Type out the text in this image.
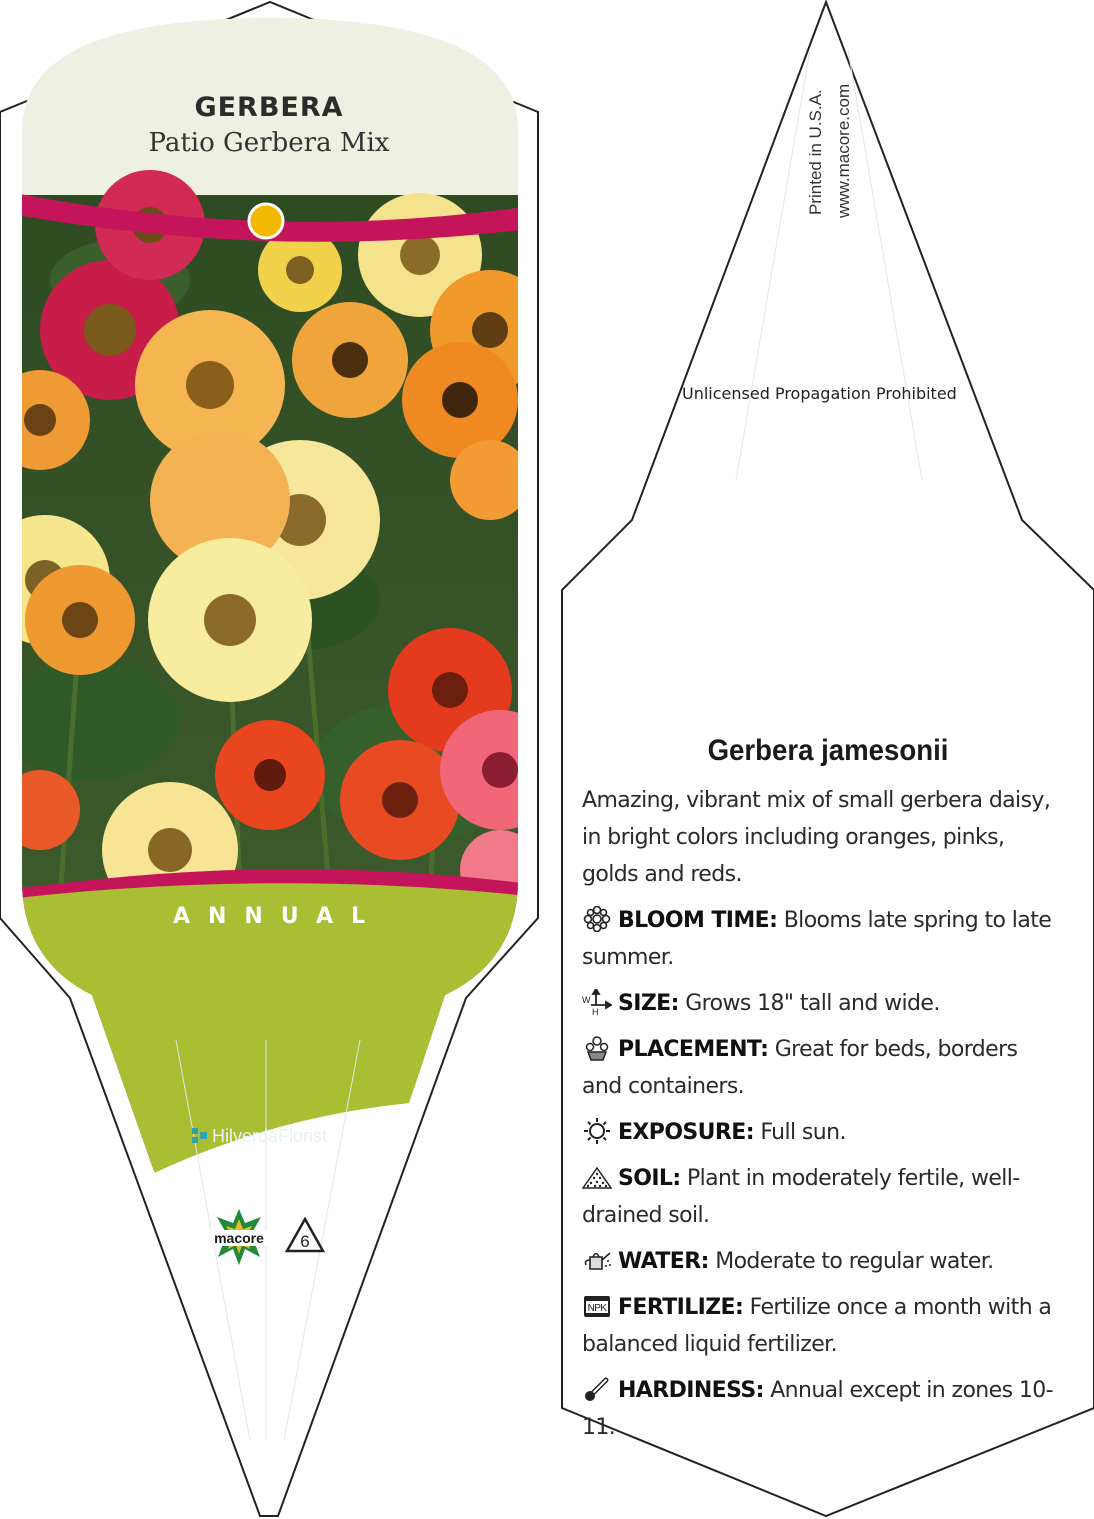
GERBERA
Patio Gerbera Mix
ANNUAL
HilverdaFlorist
macore 6
Printed in U.S.A. www.macore.com
Unlicensed Propagation Prohibited
Gerbera jamesonii

Amazing, vibrant mix of small gerbera daisy, in bright colors including oranges, pinks, golds and reds.

BLOOM TIME: Blooms late spring to late summer.

W
H SIZE: Grows 18" tall and wide.

PLACEMENT: Great for beds, borders and containers.

EXPOSURE: Full sun.

SOIL: Plant in moderately fertile, well-drained soil.

WATER: Moderate to regular water.

NPK FERTILIZE: Fertilize once a month with a balanced liquid fertilizer.

HARDINESS: Annual except in zones 10-11.
